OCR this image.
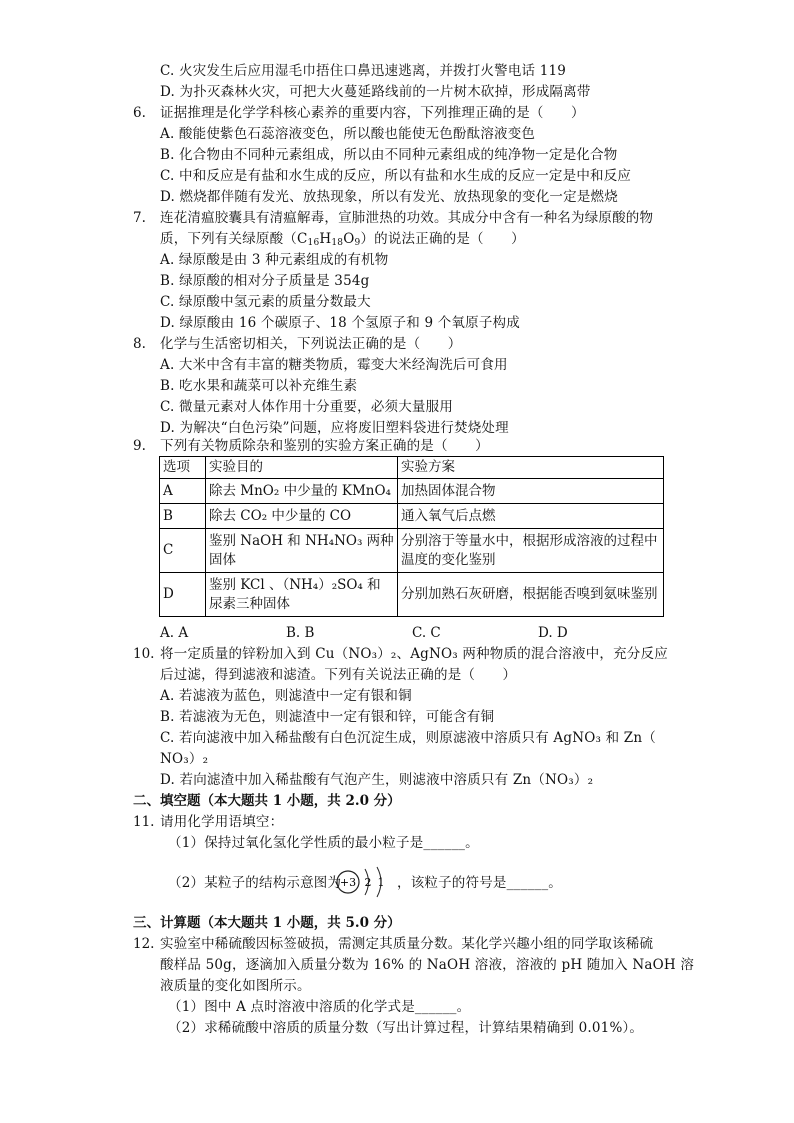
C. 火灾发生后应用湿毛巾捂住口鼻迅速逃离，并拨打火警电话 119
D. 为扑灭森林火灾，可把大火蔓延路线前的一片树木砍掉，形成隔离带
6. 证据推理是化学学科核心素养的重要内容，下列推理正确的是（　　）
A. 酸能使紫色石蕊溶液变色，所以酸也能使无色酚酞溶液变色
B. 化合物由不同种元素组成，所以由不同种元素组成的纯净物一定是化合物
C. 中和反应是有盐和水生成的反应，所以有盐和水生成的反应一定是中和反应
D. 燃烧都伴随有发光、放热现象，所以有发光、放热现象的变化一定是燃烧
7. 连花清瘟胶囊具有清瘟解毒，宣肺泄热的功效。其成分中含有一种名为绿原酸的物
质，下列有关绿原酸$(C_{16}H_{18}O_9)$的说法正确的是（　　）
A. 绿原酸是由 3 种元素组成的有机物
B. 绿原酸的相对分子质量是 354g
C. 绿原酸中氢元素的质量分数最大
D. 绿原酸由 16 个碳原子、18 个氢原子和 9 个氧原子构成
8. 化学与生活密切相关，下列说法正确的是（　　）
A. 大米中含有丰富的糖类物质，霉变大米经淘洗后可食用
B. 吃水果和蔬菜可以补充维生素
C. 微量元素对人体作用十分重要，必须大量服用
D. 为解决“白色污染”问题，应将废旧塑料袋进行焚烧处理
9. 下列有关物质除杂和鉴别的实验方案正确的是（　　）
选项	实验目的	实验方案
A	除去 MnO₂ 中少量的 KMnO₄	加热固体混合物
B	除去 CO₂ 中少量的 CO	通入氧气后点燃
C	鉴别 NaOH 和 NH₄NO₃ 两种固体	分别溶于等量水中，根据形成溶液的过程中温度的变化鉴别
D	鉴别 KCl 、（NH₄）₂SO₄ 和尿素三种固体	分别加熟石灰研磨，根据能否嗅到氨味鉴别
A. A	B. B	C. C	D. D
10. 将一定质量的锌粉加入到 Cu（NO₃）₂、AgNO₃ 两种物质的混合溶液中，充分反应
后过滤，得到滤液和滤渣。下列有关说法正确的是（　　）
A. 若滤液为蓝色，则滤渣中一定有银和铜
B. 若滤液为无色，则滤渣中一定有银和锌，可能含有铜
C. 若向滤液中加入稀盐酸有白色沉淀生成，则原滤液中溶质只有 AgNO₃ 和 Zn（
NO₃）₂
D. 若向滤渣中加入稀盐酸有气泡产生，则滤液中溶质只有 Zn（NO₃）₂
二、填空题（本大题共 1 小题，共 2.0 分）
11. 请用化学用语填空：
（1）保持过氧化氢化学性质的最小粒子是______。
（2）某粒子的结构示意图为
+3 2 1 ，该粒子的符号是______。
三、计算题（本大题共 1 小题，共 5.0 分）
12. 实验室中稀硫酸因标签破损，需测定其质量分数。某化学兴趣小组的同学取该稀硫
酸样品 50g，逐滴加入质量分数为 16% 的 NaOH 溶液，溶液的 pH 随加入 NaOH 溶
液质量的变化如图所示。
（1）图中 A 点时溶液中溶质的化学式是______。
（2）求稀硫酸中溶质的质量分数（写出计算过程，计算结果精确到 0.01%）。
